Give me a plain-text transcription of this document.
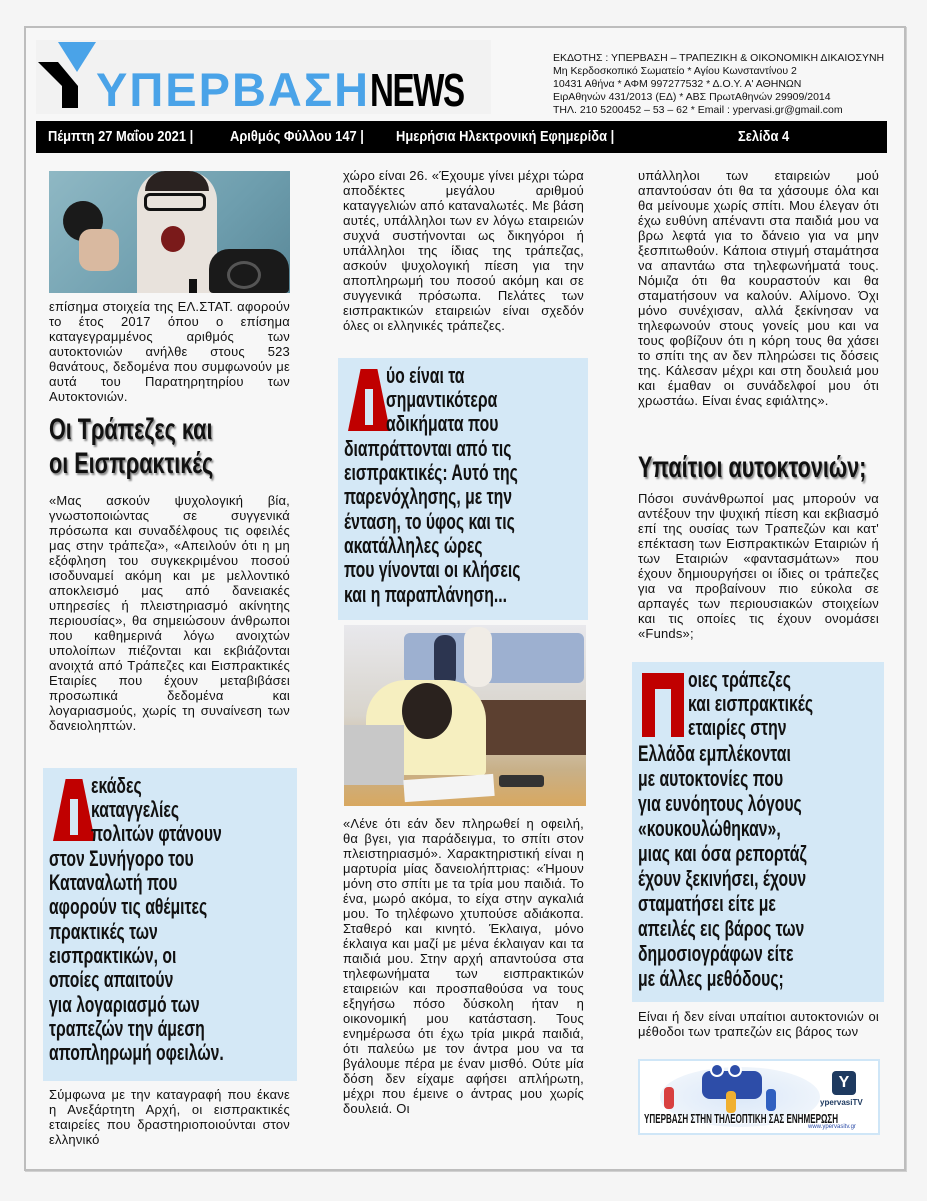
ΥΠΕΡΒΑΣΗNEWS
ΕΚΔΟΤΗΣ : ΥΠΕΡΒΑΣΗ – ΤΡΑΠΕΖΙΚΗ & ΟΙΚΟΝΟΜΙΚΗ ΔΙΚΑΙΟΣΥΝΗ
Μη Κερδοσκοπικό Σωματείο * Αγίου Κωνσταντίνου 2
10431 Αθήνα * ΑΦΜ 997277532 * Δ.Ο.Υ. Α' ΑΘΗΝΩΝ
ΕιρΑθηνών 431/2013 (ΕΔ) * ΑΒΣ ΠρωτΑθηνών 29909/2014
ΤΗΛ. 210 5200452 – 53 – 62 * Email : ypervasi.gr@gmail.com
Πέμπτη 27 Μαΐου 2021 | Αριθμός Φύλλου 147 | Ημερήσια Ηλεκτρονική Εφημερίδα |	Σελίδα 4
επίσημα στοιχεία της ΕΛ.ΣΤΑΤ. αφορούν το έτος 2017 όπου ο επίσημα καταγεγραμμένος αριθμός των αυτοκτονιών ανήλθε στους 523 θανάτους, δεδομένα που συμφωνούν με αυτά του Παρατηρητηρίου των Αυτοκτονιών.
Οι Τράπεζες και
οι Εισπρακτικές
«Μας ασκούν ψυχολογική βία, γνωστοποιώντας σε συγγενικά πρόσωπα και συναδέλφους τις οφειλές μας στην τράπεζα», «Απειλούν ότι η μη εξόφληση του συγκεκριμένου ποσού ισοδυναμεί ακόμη και με μελλοντικό αποκλεισμό μας από δανειακές υπηρεσίες ή πλειστηριασμό ακίνητης περιουσίας», θα σημειώσουν άνθρωποι που καθημερινά λόγω ανοιχτών υπολοίπων πιέζονται και εκβιάζονται ανοιχτά από Τράπεζες και Εισπρακτικές Εταιρίες που έχουν μεταβιβάσει προσωπικά δεδομένα και λογαριασμούς, χωρίς τη συναίνεση των δανειοληπτών.
εκάδες
καταγγελίες
πολιτών φτάνουν
στον Συνήγορο του
Καταναλωτή που
αφορούν τις αθέμιτες
πρακτικές των
εισπρακτικών, οι
οποίες απαιτούν
για λογαριασμό των
τραπεζών την άμεση
αποπληρωμή οφειλών.
Σύμφωνα με την καταγραφή που έκανε η Ανεξάρτητη Αρχή, οι εισπρακτικές εταιρείες που δραστηριοποιούνται στον ελληνικό
χώρο είναι 26. «Έχουμε γίνει μέχρι τώρα αποδέκτες μεγάλου αριθμού καταγγελιών από καταναλωτές. Με βάση αυτές, υπάλληλοι των εν λόγω εταιρειών συχνά συστήνονται ως δικηγόροι ή υπάλληλοι της ίδιας της τράπεζας, ασκούν ψυχολογική πίεση για την αποπληρωμή του ποσού ακόμη και σε συγγενικά πρόσωπα. Πελάτες των εισπρακτικών εταιρειών είναι σχεδόν όλες οι ελληνικές τράπεζες.
ύο είναι τα
σημαντικότερα
αδικήματα που
διαπράττονται από τις
εισπρακτικές: Αυτό της
παρενόχλησης, με την
ένταση, το ύφος και τις
ακατάλληλες ώρες
που γίνονται οι κλήσεις
και η παραπλάνηση...
«Λένε ότι εάν δεν πληρωθεί η οφειλή, θα βγει, για παράδειγμα, το σπίτι στον πλειστηριασμό». Χαρακτηριστική είναι η μαρτυρία μίας δανειολήπτριας: «Ήμουν μόνη στο σπίτι με τα τρία μου παιδιά. Το ένα, μωρό ακόμα, το είχα στην αγκαλιά μου. Το τηλέφωνο χτυπούσε αδιάκοπα. Σταθερό και κινητό. Έκλαιγα, μόνο έκλαιγα και μαζί με μένα έκλαιγαν και τα παιδιά μου. Στην αρχή απαντούσα στα τηλεφωνήματα των εισπρακτικών εταιρειών και προσπαθούσα να τους εξηγήσω πόσο δύσκολη ήταν η οικονομική μου κατάσταση. Τους ενημέρωσα ότι έχω τρία μικρά παιδιά, ότι παλεύω με τον άντρα μου να τα βγάλουμε πέρα με έναν μισθό. Ούτε μία δόση δεν είχαμε αφήσει απλήρωτη, μέχρι που έμεινε ο άντρας μου χωρίς δουλειά. Οι
υπάλληλοι των εταιρειών μού απαντούσαν ότι θα τα χάσουμε όλα και θα μείνουμε χωρίς σπίτι. Μου έλεγαν ότι έχω ευθύνη απέναντι στα παιδιά μου να βρω λεφτά για το δάνειο για να μην ξεσπιτωθούν. Κάποια στιγμή σταμάτησα να απαντάω στα τηλεφωνήματά τους. Νόμιζα ότι θα κουραστούν και θα σταματήσουν να καλούν. Αλίμονο. Όχι μόνο συνέχισαν, αλλά ξεκίνησαν να τηλεφωνούν στους γονείς μου και να τους φοβίζουν ότι η κόρη τους θα χάσει το σπίτι της αν δεν πληρώσει τις δόσεις της. Κάλεσαν μέχρι και στη δουλειά μου και έμαθαν οι συνάδελφοί μου ότι χρωστάω. Είναι ένας εφιάλτης».
Υπαίτιοι αυτοκτονιών;
Πόσοι συνάνθρωποί μας μπορούν να αντέξουν την ψυχική πίεση και εκβιασμό επί της ουσίας των Τραπεζών και κατ' επέκταση των Εισπρακτικών Εταιριών ή των Εταιριών «φαντασμάτων» που έχουν δημιουργήσει οι ίδιες οι τράπεζες για να προβαίνουν πιο εύκολα σε αρπαγές των περιουσιακών στοιχείων και τις οποίες τις έχουν ονομάσει «Funds»;
οιες τράπεζες
και εισπρακτικές
εταιρίες στην
Ελλάδα εμπλέκονται
με αυτοκτονίες που
για ευνόητους λόγους
«κουκουλώθηκαν»,
μιας και όσα ρεπορτάζ
έχουν ξεκινήσει, έχουν
σταματήσει είτε με
απειλές εις βάρος των
δημοσιογράφων είτε
με άλλες μεθόδους;
Είναι ή δεν είναι υπαίτιοι αυτοκτονιών οι μέθοδοι των τραπεζών εις βάρος των
Y
ypervasiTV
ΥΠΕΡΒΑΣΗ ΣΤΗΝ ΤΗΛΕΟΠΤΙΚΗ ΣΑΣ ΕΝΗΜΕΡΩΣΗ
www.ypervasitv.gr
